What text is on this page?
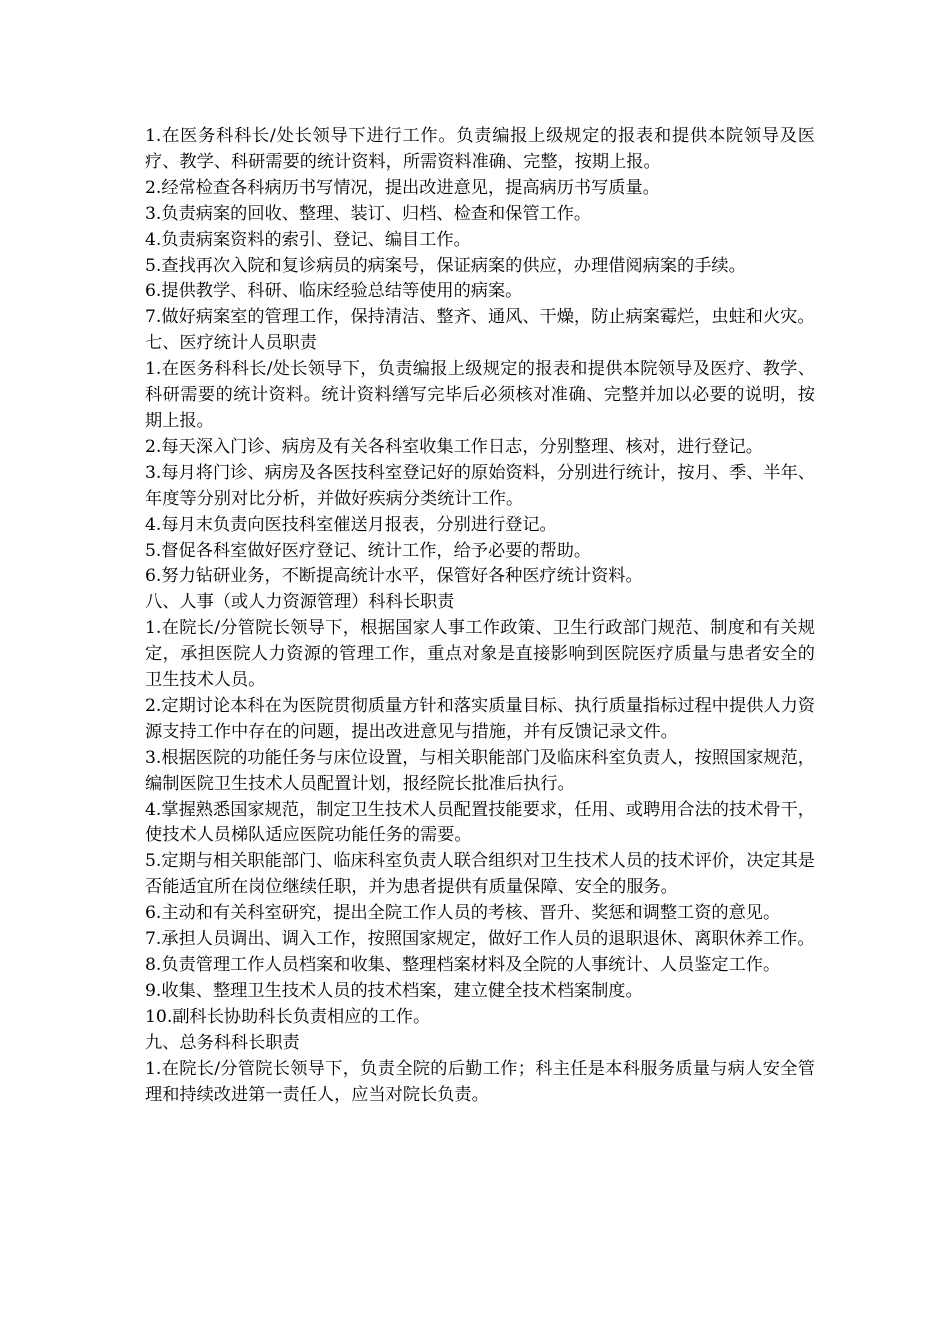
1.在医务科科长/处长领导下进行工作。负责编报上级规定的报表和提供本院领导及医疗、教学、科研需要的统计资料，所需资料准确、完整，按期上报。

2.经常检查各科病历书写情况，提出改进意见，提高病历书写质量。

3.负责病案的回收、整理、装订、归档、检查和保管工作。

4.负责病案资料的索引、登记、编目工作。

5.查找再次入院和复诊病员的病案号，保证病案的供应，办理借阅病案的手续。

6.提供教学、科研、临床经验总结等使用的病案。

7.做好病案室的管理工作，保持清洁、整齐、通风、干燥，防止病案霉烂，虫蛀和火灾。

七、医疗统计人员职责

1.在医务科科长/处长领导下，负责编报上级规定的报表和提供本院领导及医疗、教学、科研需要的统计资料。统计资料缮写完毕后必须核对准确、完整并加以必要的说明，按期上报。

2.每天深入门诊、病房及有关各科室收集工作日志，分别整理、核对，进行登记。

3.每月将门诊、病房及各医技科室登记好的原始资料，分别进行统计，按月、季、半年、年度等分别对比分析，并做好疾病分类统计工作。

4.每月末负责向医技科室催送月报表，分别进行登记。

5.督促各科室做好医疗登记、统计工作，给予必要的帮助。

6.努力钻研业务，不断提高统计水平，保管好各种医疗统计资料。

八、人事（或人力资源管理）科科长职责

1.在院长/分管院长领导下，根据国家人事工作政策、卫生行政部门规范、制度和有关规定，承担医院人力资源的管理工作，重点对象是直接影响到医院医疗质量与患者安全的卫生技术人员。

2.定期讨论本科在为医院贯彻质量方针和落实质量目标、执行质量指标过程中提供人力资源支持工作中存在的问题，提出改进意见与措施，并有反馈记录文件。

3.根据医院的功能任务与床位设置，与相关职能部门及临床科室负责人，按照国家规范，编制医院卫生技术人员配置计划，报经院长批准后执行。

4.掌握熟悉国家规范，制定卫生技术人员配置技能要求，任用、或聘用合法的技术骨干，使技术人员梯队适应医院功能任务的需要。

5.定期与相关职能部门、临床科室负责人联合组织对卫生技术人员的技术评价，决定其是否能适宜所在岗位继续任职，并为患者提供有质量保障、安全的服务。

6.主动和有关科室研究，提出全院工作人员的考核、晋升、奖惩和调整工资的意见。

7.承担人员调出、调入工作，按照国家规定，做好工作人员的退职退休、离职休养工作。

8.负责管理工作人员档案和收集、整理档案材料及全院的人事统计、人员鉴定工作。

9.收集、整理卫生技术人员的技术档案，建立健全技术档案制度。

10.副科长协助科长负责相应的工作。

九、总务科科长职责

1.在院长/分管院长领导下，负责全院的后勤工作；科主任是本科服务质量与病人安全管理和持续改进第一责任人，应当对院长负责。
